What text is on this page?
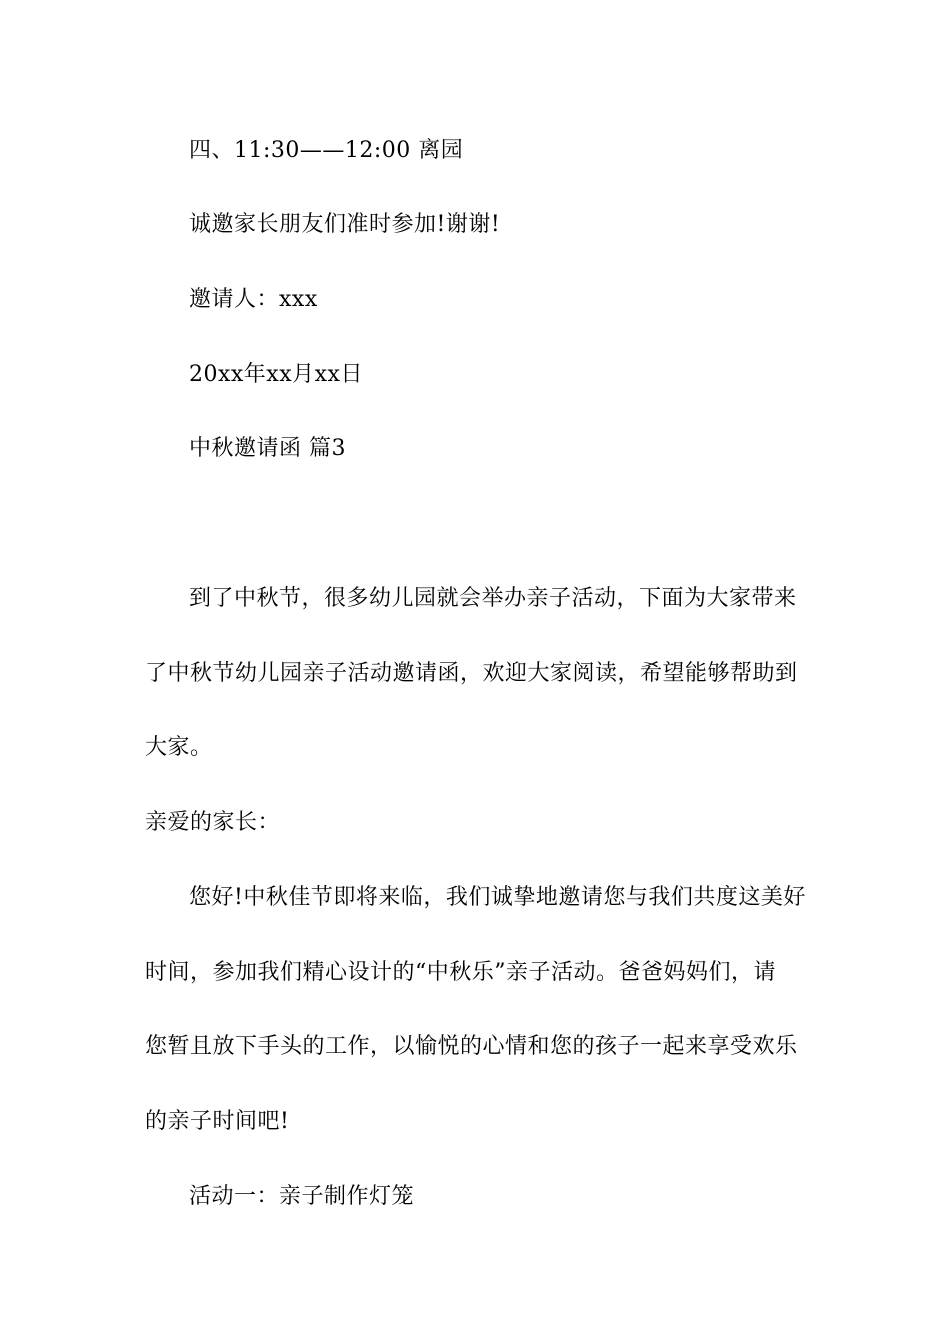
四、11:30——12:00 离园
诚邀家长朋友们准时参加!谢谢!
邀请人：xxx
20xx年xx月xx日
中秋邀请函 篇3
到了中秋节，很多幼儿园就会举办亲子活动，下面为大家带来
了中秋节幼儿园亲子活动邀请函，欢迎大家阅读，希望能够帮助到
大家。
亲爱的家长：
您好!中秋佳节即将来临，我们诚挚地邀请您与我们共度这美好
时间，参加我们精心设计的“中秋乐”亲子活动。爸爸妈妈们，请
您暂且放下手头的工作，以愉悦的心情和您的孩子一起来享受欢乐
的亲子时间吧!
活动一：亲子制作灯笼
